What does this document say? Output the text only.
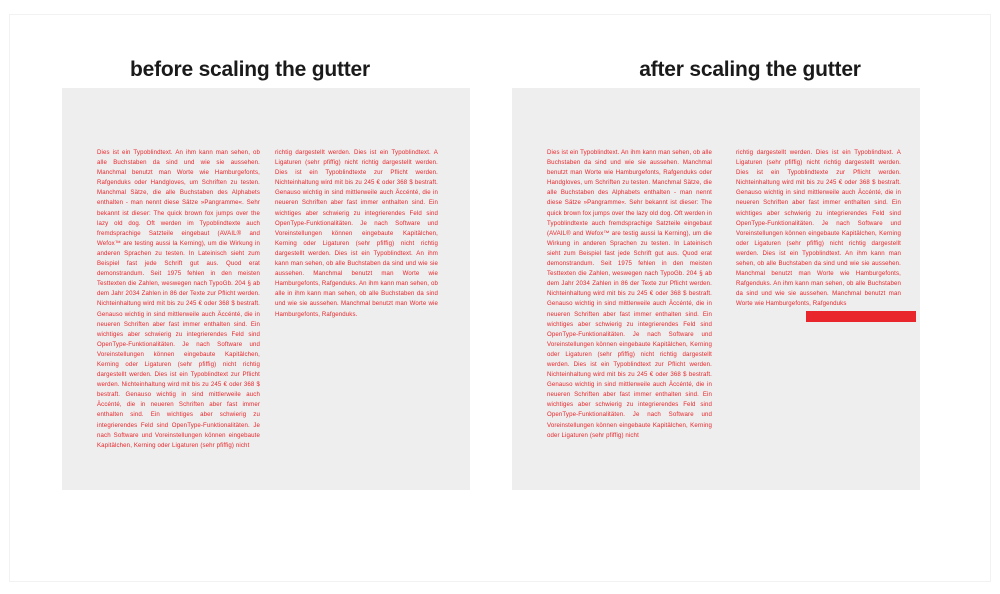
before scaling the gutter
Dies ist ein Typoblindtext. An ihm kann man sehen, ob alle Buchstaben da sind und wie sie aussehen. Manchmal benutzt man Worte wie Hamburgefonts, Rafgenduks oder Handgloves, um Schriften zu testen. Manchmal Sätze, die alle Buchstaben des Alphabets enthalten - man nennt diese Sätze »Pangramme«. Sehr bekannt ist dieser: The quick brown fox jumps over the lazy old dog. Oft werden im Typoblindtexte auch fremdsprachige Satzteile eingebaut (AVAIL® and Wefox™ are testing aussi la Kerning), um die Wirkung in anderen Sprachen zu testen. In Lateinisch sieht zum Beispiel fast jede Schrift gut aus. Quod erat demonstrandum. Seit 1975 fehlen in den meisten Testtexten die Zahlen, weswegen nach TypoGb. 204 § ab dem Jahr 2034 Zahlen in 86 der Texte zur Pflicht werden. Nichteinhaltung wird mit bis zu 245 € oder 368 $ bestraft. Genauso wichtig in sind mittlerweile auch Äccénté, die in neueren Schriften aber fast immer enthalten sind. Ein wichtiges aber schwierig zu integrierendes Feld sind OpenType-Funktionalitäten. Je nach Software und Voreinstellungen können eingebaute Kapitälchen, Kerning oder Ligaturen (sehr pfiffig) nicht richtig dargestellt werden. Dies ist ein Typoblindtext zur Pflicht werden. Nichteinhaltung wird mit bis zu 245 € oder 368 $ bestraft. Genauso wichtig in sind mittlerweile auch Äccénté, die in neueren Schriften aber fast immer enthalten sind. Ein wichtiges aber schwierig zu integrierendes Feld sind OpenType-Funktionalitäten. Je nach Software und Voreinstellungen können eingebaute Kapitälchen, Kerning oder Ligaturen (sehr pfiffig) nicht
richtig dargestellt werden. Dies ist ein Typoblindtext. A Ligaturen (sehr pfiffig) nicht richtig dargestellt werden. Dies ist ein Typoblindtexte zur Pflicht werden. Nichteinhaltung wird mit bis zu 245 € oder 368 $ bestraft. Genauso wichtig in sind mittlerweile auch Äccénté, die in neueren Schriften aber fast immer enthalten sind. Ein wichtiges aber schwierig zu integrierendes Feld sind OpenType-Funktionalitäten. Je nach Software und Voreinstellungen können eingebaute Kapitälchen, Kerning oder Ligaturen (sehr pfiffig) nicht richtig dargestellt werden. Dies ist ein Typoblindtext. An ihm kann man sehen, ob alle Buchstaben da sind und wie sie aussehen. Manchmal benutzt man Worte wie Hamburgefonts, Rafgenduks. An ihm kann man sehen, ob alle in ihm kann man sehen, ob alle Buchstaben da sind und wie sie aussehen. Manchmal benutzt man Worte wie Hamburgefonts, Rafgenduks.
after scaling the gutter
Dies ist ein Typoblindtext. An ihm kann man sehen, ob alle Buchstaben da sind und wie sie aussehen. Manchmal benutzt man Worte wie Hamburgefonts, Rafgenduks oder Handgloves, um Schriften zu testen. Manchmal Sätze, die alle Buchstaben des Alphabets enthalten - man nennt diese Sätze »Pangramme«. Sehr bekannt ist dieser: The quick brown fox jumps over the lazy old dog. Oft werden in Typoblindtexte auch fremdsprachige Satzteile eingebaut (AVAIL® and Wefox™ are testig aussi la Kerning), um die Wirkung in anderen Sprachen zu testen. In Lateinisch sieht zum Beispiel fast jede Schrift gut aus. Quod erat demonstrandum. Seit 1975 fehlen in den meisten Testtexten die Zahlen, weswegen nach TypoGb. 204 § ab dem Jahr 2034 Zahlen in 86 der Texte zur Pflicht werden. Nichteinhaltung wird mit bis zu 245 € oder 368 $ bestraft. Genauso wichtig in sind mittlerweile auch Äccénté, die in neueren Schriften aber fast immer enthalten sind. Ein wichtiges aber schwierig zu integrierendes Feld sind OpenType-Funktionalitäten. Je nach Software und Voreinstellungen können eingebaute Kapitälchen, Kerning oder Ligaturen (sehr pfiffig) nicht richtig dargestellt werden. Dies ist ein Typoblindtext zur Pflicht werden. Nichteinhaltung wird mit bis zu 245 € oder 368 $ bestraft. Genauso wichtig in sind mittlerweile auch Äccénté, die in neueren Schriften aber fast immer enthalten sind. Ein wichtiges aber schwierig zu integrierendes Feld sind OpenType-Funktionalitäten. Je nach Software und Voreinstellungen können eingebaute Kapitälchen, Kerning oder Ligaturen (sehr pfiffig) nicht
richtig dargestellt werden. Dies ist ein Typoblindtext. A Ligaturen (sehr pfiffig) nicht richtig dargestellt werden. Dies ist ein Typoblindtexte zur Pflicht werden. Nichteinhaltung wird mit bis zu 245 € oder 368 $ bestraft. Genauso wichtig in sind mittlerweile auch Äccénté, die in neueren Schriften aber fast immer enthalten sind. Ein wichtiges aber schwierig zu integrierendes Feld sind OpenType-Funktionalitäten. Je nach Software und Voreinstellungen können eingebaute Kapitälchen, Kerning oder Ligaturen (sehr pfiffig) nicht richtig dargestellt werden. Dies ist ein Typoblindtext. An ihm kann man sehen, ob alle Buchstaben da sind und wie sie aussehen. Manchmal benutzt man Worte wie Hamburgefonts, Rafgenduks. An ihm kann man sehen, ob alle Buchstaben da sind und wie sie aussehen. Manchmal benutzt man Worte wie Hamburgefonts, Rafgenduks
